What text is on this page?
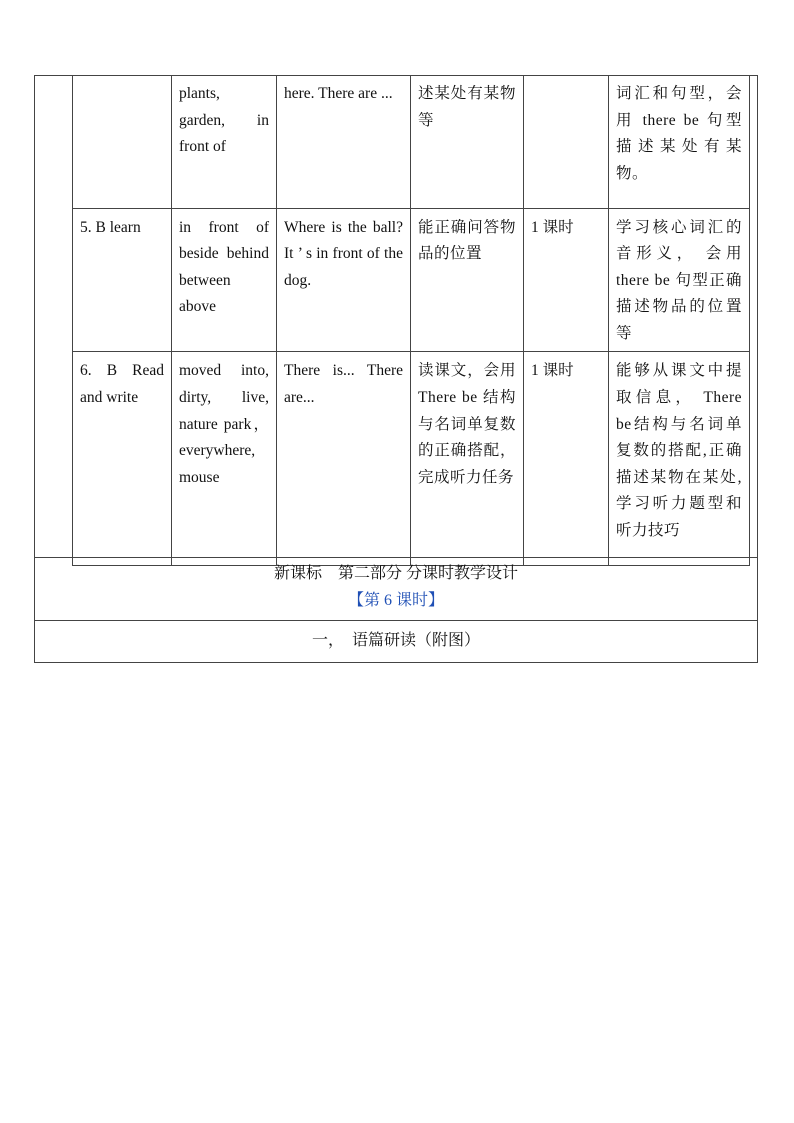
	plants, garden, in front of	here. There are ...	述某处有某物等		词汇和句型，会用 there be 句型描述某处有某物。

5. B learn	in front of beside behind between above	Where is the ball? It ’ s in front of the dog.	能正确问答物品的位置	1 课时	学习核心词汇的音形义， 会用 there be 句型正确描述物品的位置等

6. B Read and write	moved into, dirty, live, nature park， everywhere, mouse	There is... There are...	读课文，会用 There be 结构与名词单复数的正确搭配，完成听力任务	1 课时	能够从课文中提取信息， There be结构与名词单复数的搭配,正确描述某物在某处,学习听力题型和听力技巧
新课标　第二部分 分课时教学设计
【第 6 课时】
一，　语篇研读（附图）
